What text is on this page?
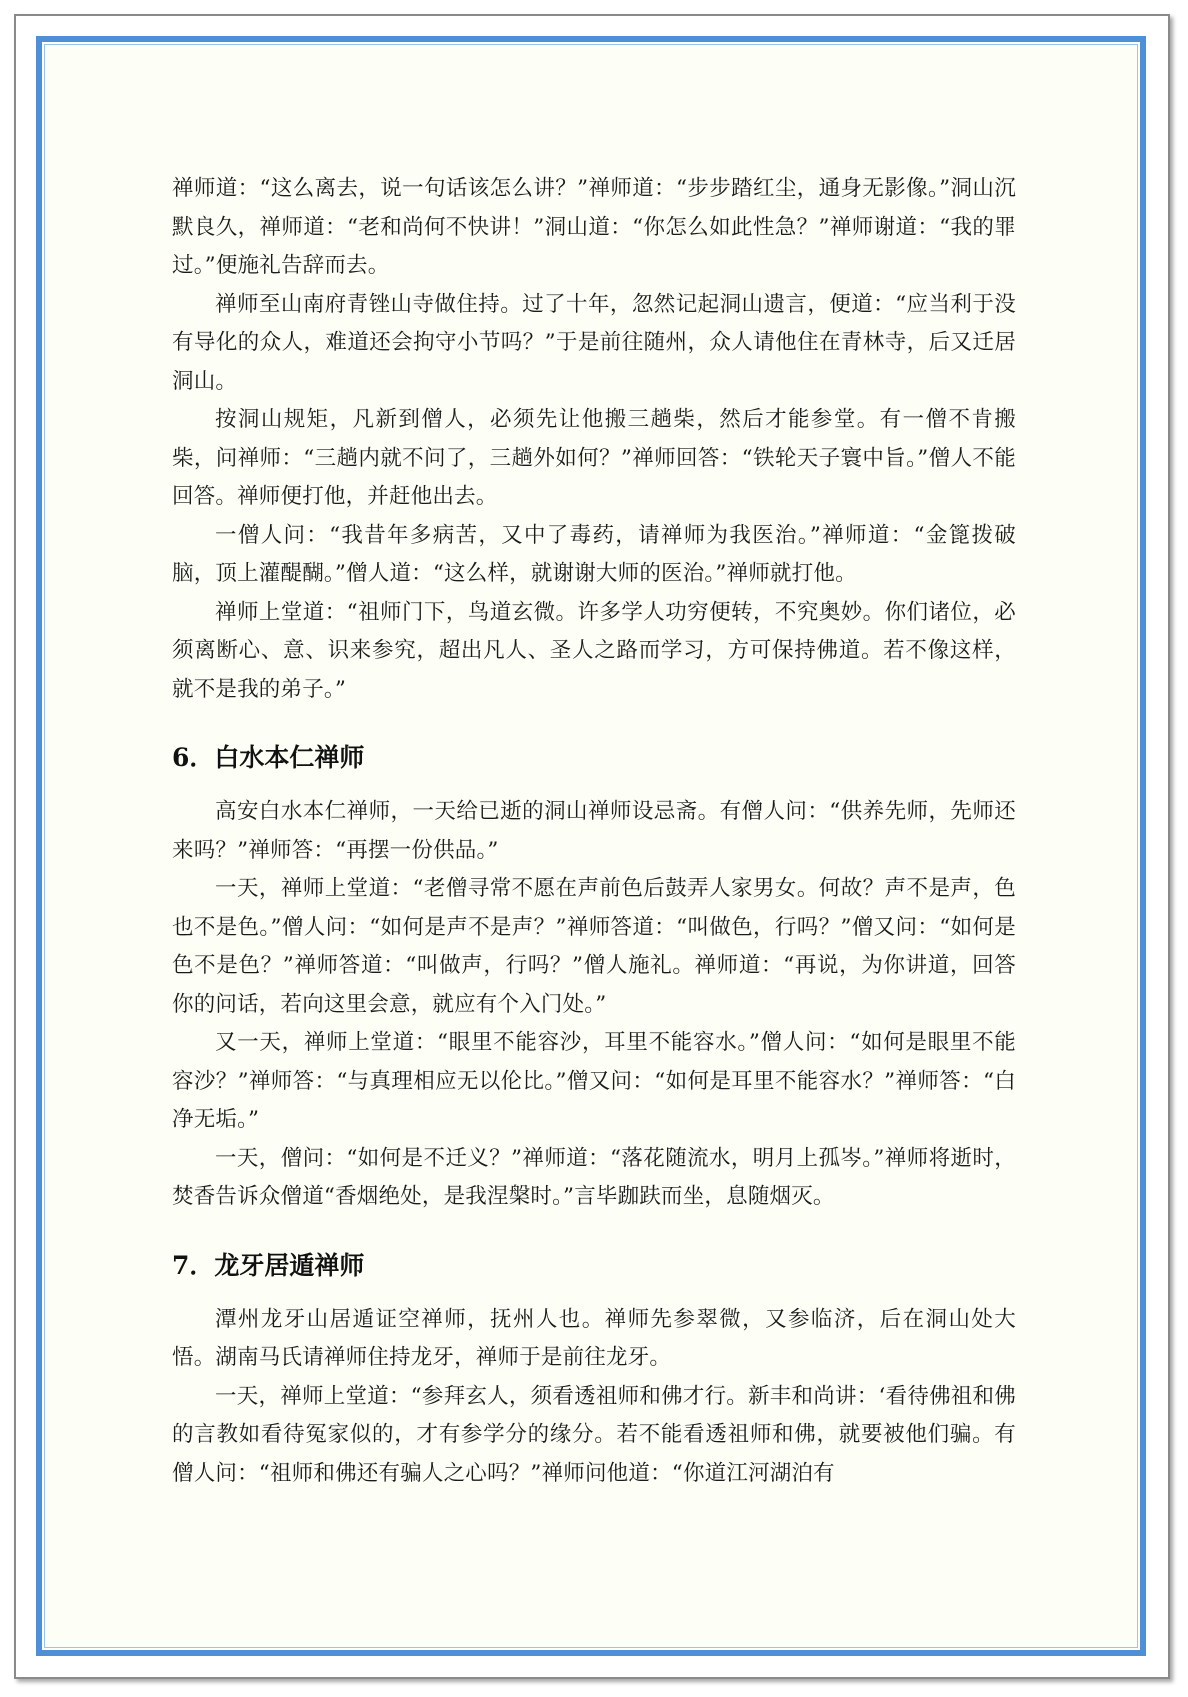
禅师道：“这么离去，说一句话该怎么讲？”禅师道：“步步踏红尘，通身无影像。”洞山沉默良久，禅师道：“老和尚何不快讲！”洞山道：“你怎么如此性急？”禅师谢道：“我的罪过。”便施礼告辞而去。

禅师至山南府青锉山寺做住持。过了十年，忽然记起洞山遗言，便道：“应当利于没有导化的众人，难道还会拘守小节吗？”于是前往随州，众人请他住在青林寺，后又迁居洞山。

按洞山规矩，凡新到僧人，必须先让他搬三趟柴，然后才能参堂。有一僧不肯搬柴，问禅师：“三趟内就不问了，三趟外如何？”禅师回答：“铁轮天子寰中旨。”僧人不能回答。禅师便打他，并赶他出去。

一僧人问：“我昔年多病苦，又中了毒药，请禅师为我医治。”禅师道：“金篦拨破脑，顶上灌醍醐。”僧人道：“这么样，就谢谢大师的医治。”禅师就打他。

禅师上堂道：“祖师门下，鸟道玄微。许多学人功穷便转，不究奥妙。你们诸位，必须离断心、意、识来参究，超出凡人、圣人之路而学习，方可保持佛道。若不像这样，就不是我的弟子。”

6．白水本仁禅师

高安白水本仁禅师，一天给已逝的洞山禅师设忌斋。有僧人问：“供养先师，先师还来吗？”禅师答：“再摆一份供品。”

一天，禅师上堂道：“老僧寻常不愿在声前色后鼓弄人家男女。何故？声不是声，色也不是色。”僧人问：“如何是声不是声？”禅师答道：“叫做色，行吗？”僧又问：“如何是色不是色？”禅师答道：“叫做声，行吗？”僧人施礼。禅师道：“再说，为你讲道，回答你的问话，若向这里会意，就应有个入门处。”

又一天，禅师上堂道：“眼里不能容沙，耳里不能容水。”僧人问：“如何是眼里不能容沙？”禅师答：“与真理相应无以伦比。”僧又问：“如何是耳里不能容水？”禅师答：“白净无垢。”

一天，僧问：“如何是不迁义？”禅师道：“落花随流水，明月上孤岑。”禅师将逝时，焚香告诉众僧道“香烟绝处，是我涅槃时。”言毕跏趺而坐，息随烟灭。

7．龙牙居遁禅师

潭州龙牙山居遁证空禅师，抚州人也。禅师先参翠微，又参临济，后在洞山处大悟。湖南马氏请禅师住持龙牙，禅师于是前往龙牙。

一天，禅师上堂道：“参拜玄人，须看透祖师和佛才行。新丰和尚讲：‘看待佛祖和佛的言教如看待冤家似的，才有参学分的缘分。若不能看透祖师和佛，就要被他们骗。有僧人问：“祖师和佛还有骗人之心吗？”禅师问他道：“你道江河湖泊有
